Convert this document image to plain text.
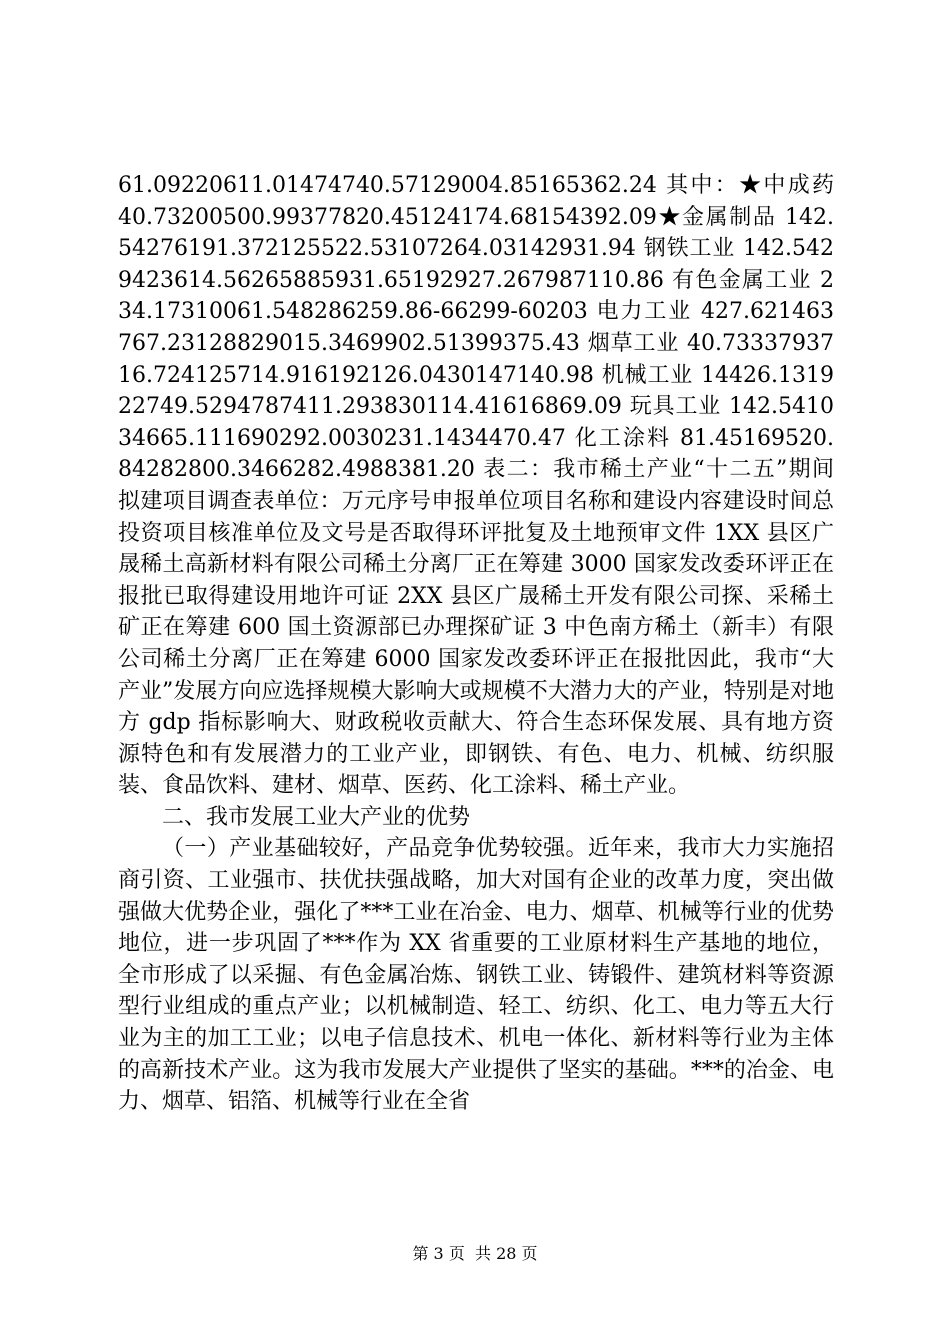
61.09220611.01474740.57129004.85165362.24 其中：★中成药 40.73200500.99377820.45124174.68154392.09★金属制品 142.54276191.372125522.53107264.03142931.94 钢铁工业 142.5429423614.56265885931.65192927.267987110.86 有色金属工业 234.17310061.548286259.86-66299-60203 电力工业 427.621463767.23128829015.3469902.51399375.43 烟草工业 40.7333793716.724125714.916192126.0430147140.98 机械工业 14426.131922749.5294787411.293830114.41616869.09 玩具工业 142.541034665.111690292.0030231.1434470.47 化工涂料 81.45169520.84282800.3466282.4988381.20 表二：我市稀土产业“十二五”期间拟建项目调查表单位：万元序号申报单位项目名称和建设内容建设时间总投资项目核准单位及文号是否取得环评批复及土地预审文件 1XX 县区广晟稀土高新材料有限公司稀土分离厂正在筹建 3000 国家发改委环评正在报批已取得建设用地许可证 2XX 县区广晟稀土开发有限公司探、采稀土矿正在筹建 600 国土资源部已办理探矿证 3 中色南方稀土（新丰）有限公司稀土分离厂正在筹建 6000 国家发改委环评正在报批因此，我市“大产业”发展方向应选择规模大影响大或规模不大潜力大的产业，特别是对地方 gdp 指标影响大、财政税收贡献大、符合生态环保发展、具有地方资源特色和有发展潜力的工业产业，即钢铁、有色、电力、机械、纺织服装、食品饮料、建材、烟草、医药、化工涂料、稀土产业。

二、我市发展工业大产业的优势

（一）产业基础较好，产品竞争优势较强。近年来，我市大力实施招商引资、工业强市、扶优扶强战略，加大对国有企业的改革力度，突出做强做大优势企业，强化了***工业在冶金、电力、烟草、机械等行业的优势地位，进一步巩固了***作为 XX 省重要的工业原材料生产基地的地位，全市形成了以采掘、有色金属冶炼、钢铁工业、铸锻件、建筑材料等资源型行业组成的重点产业；以机械制造、轻工、纺织、化工、电力等五大行业为主的加工工业；以电子信息技术、机电一体化、新材料等行业为主体的高新技术产业。这为我市发展大产业提供了坚实的基础。***的冶金、电力、烟草、铝箔、机械等行业在全省

第 3 页  共 28 页
